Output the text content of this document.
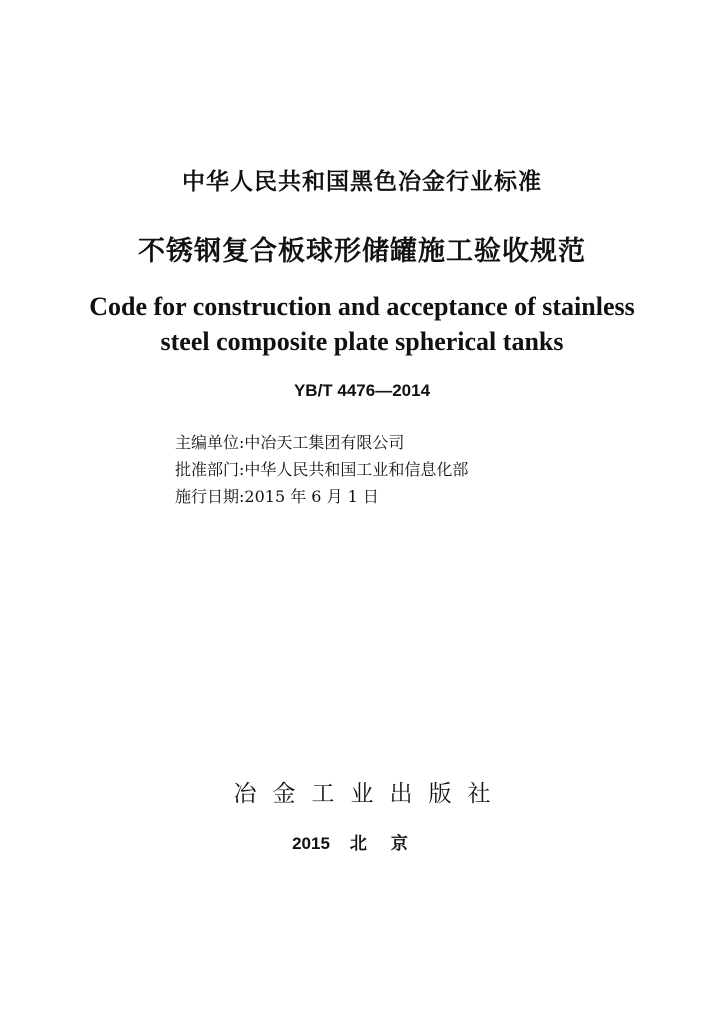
中华人民共和国黑色冶金行业标准
不锈钢复合板球形储罐施工验收规范
Code for construction and acceptance of stainless
steel composite plate spherical tanks
YB/T 4476—2014
主编单位:中冶天工集团有限公司
批准部门:中华人民共和国工业和信息化部
施行日期:2015 年 6 月 1 日
冶金工业出版社
2015 北京
